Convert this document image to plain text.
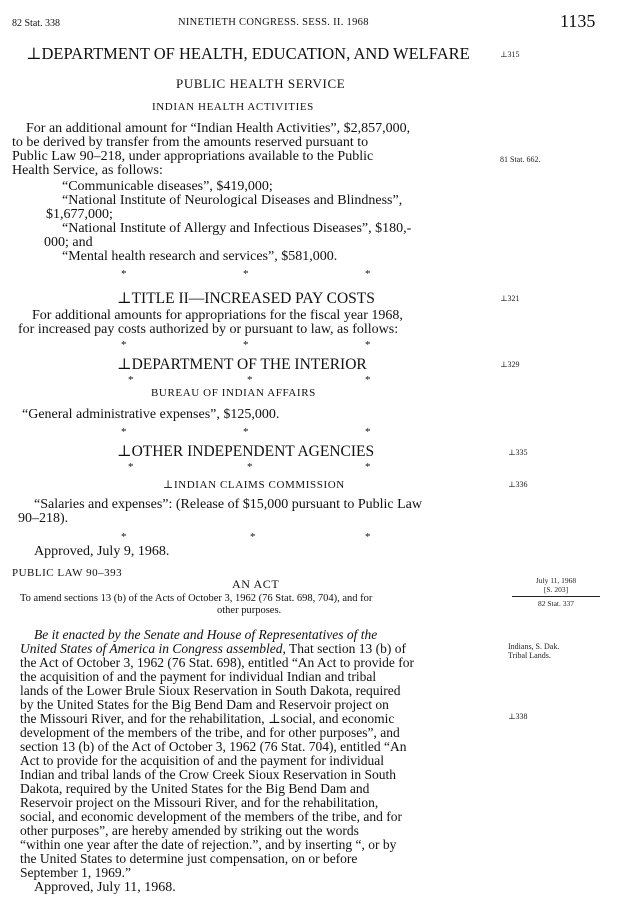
82 Stat. 338	NINETIETH CONGRESS. SESS. II. 1968	1135
⊥DEPARTMENT OF HEALTH, EDUCATION, AND WELFARE	⊥315
PUBLIC HEALTH SERVICE
INDIAN HEALTH ACTIVITIES
For an additional amount for “Indian Health Activities”, $2,857,000,
to be derived by transfer from the amounts reserved pursuant to
Public Law 90–218, under appropriations available to the Public
Health Service, as follows:
81 Stat. 662.
“Communicable diseases”, $419,000;
“National Institute of Neurological Diseases and Blindness”,
$1,677,000;
“National Institute of Allergy and Infectious Diseases”, $180,-
000; and
“Mental health research and services”, $581,000.
*	*	*
⊥TITLE II—INCREASED PAY COSTS	⊥321
For additional amounts for appropriations for the fiscal year 1968,
for increased pay costs authorized by or pursuant to law, as follows:
*	*	*
⊥DEPARTMENT OF THE INTERIOR	⊥329
*	*	*
BUREAU OF INDIAN AFFAIRS
“General administrative expenses”, $125,000.
*	*	*
⊥OTHER INDEPENDENT AGENCIES	⊥335
*	*	*
⊥INDIAN CLAIMS COMMISSION	⊥336
“Salaries and expenses”: (Release of $15,000 pursuant to Public Law
90–218).
*	*	*
Approved, July 9, 1968.
PUBLIC LAW 90–393
AN ACT	July 11, 1968
[S. 203]
82 Stat. 337
To amend sections 13 (b) of the Acts of October 3, 1962 (76 Stat. 698, 704), and for
other purposes.
Indians, S. Dak.
Tribal Lands.
⊥338
Be it enacted by the Senate and House of Representatives of the
United States of America in Congress assembled, That section 13 (b) of
the Act of October 3, 1962 (76 Stat. 698), entitled “An Act to provide for
the acquisition of and the payment for individual Indian and tribal
lands of the Lower Brule Sioux Reservation in South Dakota, required
by the United States for the Big Bend Dam and Reservoir project on
the Missouri River, and for the rehabilitation, ⊥social, and economic
development of the members of the tribe, and for other purposes”, and
section 13 (b) of the Act of October 3, 1962 (76 Stat. 704), entitled “An
Act to provide for the acquisition of and the payment for individual
Indian and tribal lands of the Crow Creek Sioux Reservation in South
Dakota, required by the United States for the Big Bend Dam and
Reservoir project on the Missouri River, and for the rehabilitation,
social, and economic development of the members of the tribe, and for
other purposes”, are hereby amended by striking out the words
“within one year after the date of rejection.”, and by inserting “, or by
the United States to determine just compensation, on or before
September 1, 1969.”
Approved, July 11, 1968.
